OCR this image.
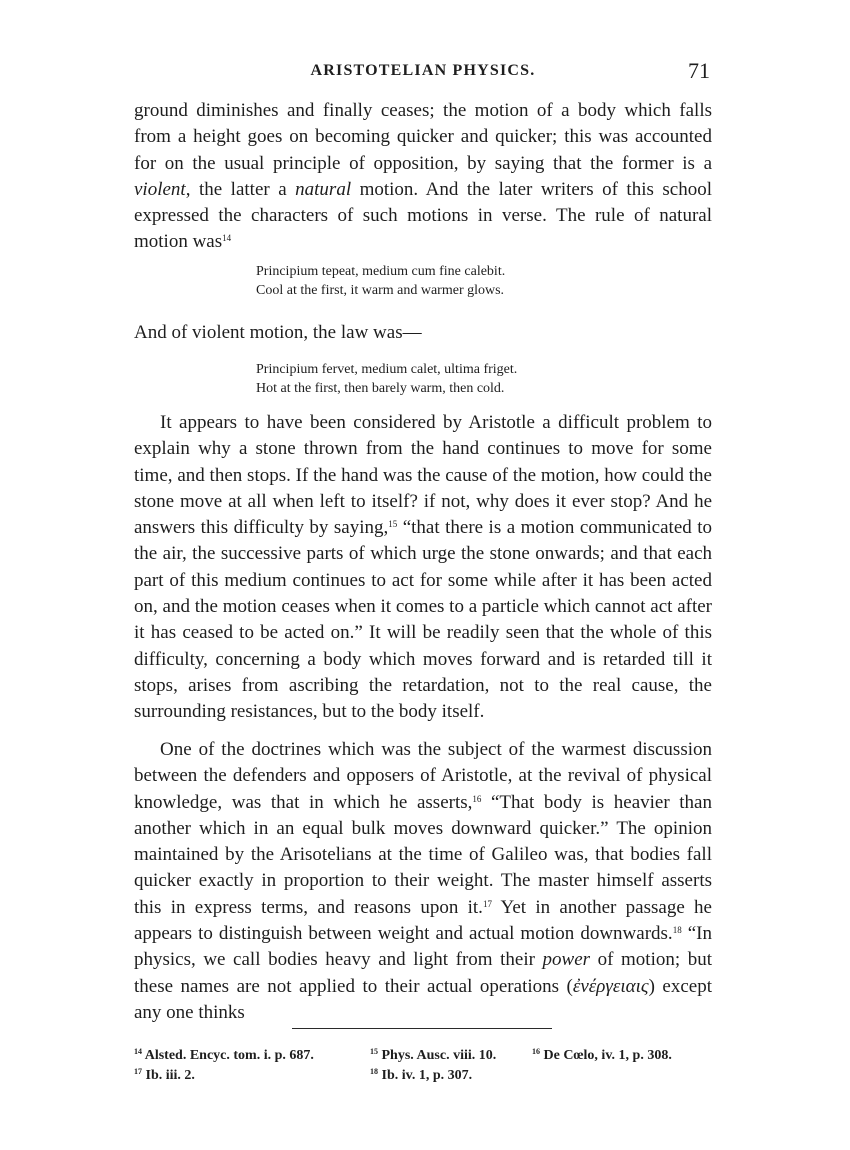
ARISTOTELIAN PHYSICS.	71

ground diminishes and finally ceases; the motion of a body which falls from a height goes on becoming quicker and quicker; this was accounted for on the usual principle of opposition, by saying that the former is a violent, the latter a natural motion. And the later writers of this school expressed the characters of such motions in verse. The rule of natural motion was$^{14}$

Principium tepeat, medium cum fine calebit.
Cool at the first, it warm and warmer glows.

And of violent motion, the law was—

Principium fervet, medium calet, ultima friget.
Hot at the first, then barely warm, then cold.

It appears to have been considered by Aristotle a difficult problem to explain why a stone thrown from the hand continues to move for some time, and then stops. If the hand was the cause of the motion, how could the stone move at all when left to itself? if not, why does it ever stop? And he answers this difficulty by saying,$^{15}$ “that there is a motion communicated to the air, the successive parts of which urge the stone onwards; and that each part of this medium continues to act for some while after it has been acted on, and the motion ceases when it comes to a particle which cannot act after it has ceased to be acted on.” It will be readily seen that the whole of this difficulty, concerning a body which moves forward and is retarded till it stops, arises from ascribing the retardation, not to the real cause, the surrounding resistances, but to the body itself.

One of the doctrines which was the subject of the warmest discussion between the defenders and opposers of Aristotle, at the revival of physical knowledge, was that in which he asserts,$^{16}$ “That body is heavier than another which in an equal bulk moves downward quicker.” The opinion maintained by the Arisotelians at the time of Galileo was, that bodies fall quicker exactly in proportion to their weight. The master himself asserts this in express terms, and reasons upon it.$^{17}$ Yet in another passage he appears to distinguish between weight and actual motion downwards.$^{18}$ “In physics, we call bodies heavy and light from their power of motion; but these names are not applied to their actual operations (ἐνέργειαις) except any one thinks

$^{14}$ Alsted. Encyc. tom. i. p. 687.	$^{15}$ Phys. Ausc. viii. 10.	$^{16}$ De Cœlo, iv. 1, p. 308.
$^{17}$ Ib. iii. 2.	$^{18}$ Ib. iv. 1, p. 307.
